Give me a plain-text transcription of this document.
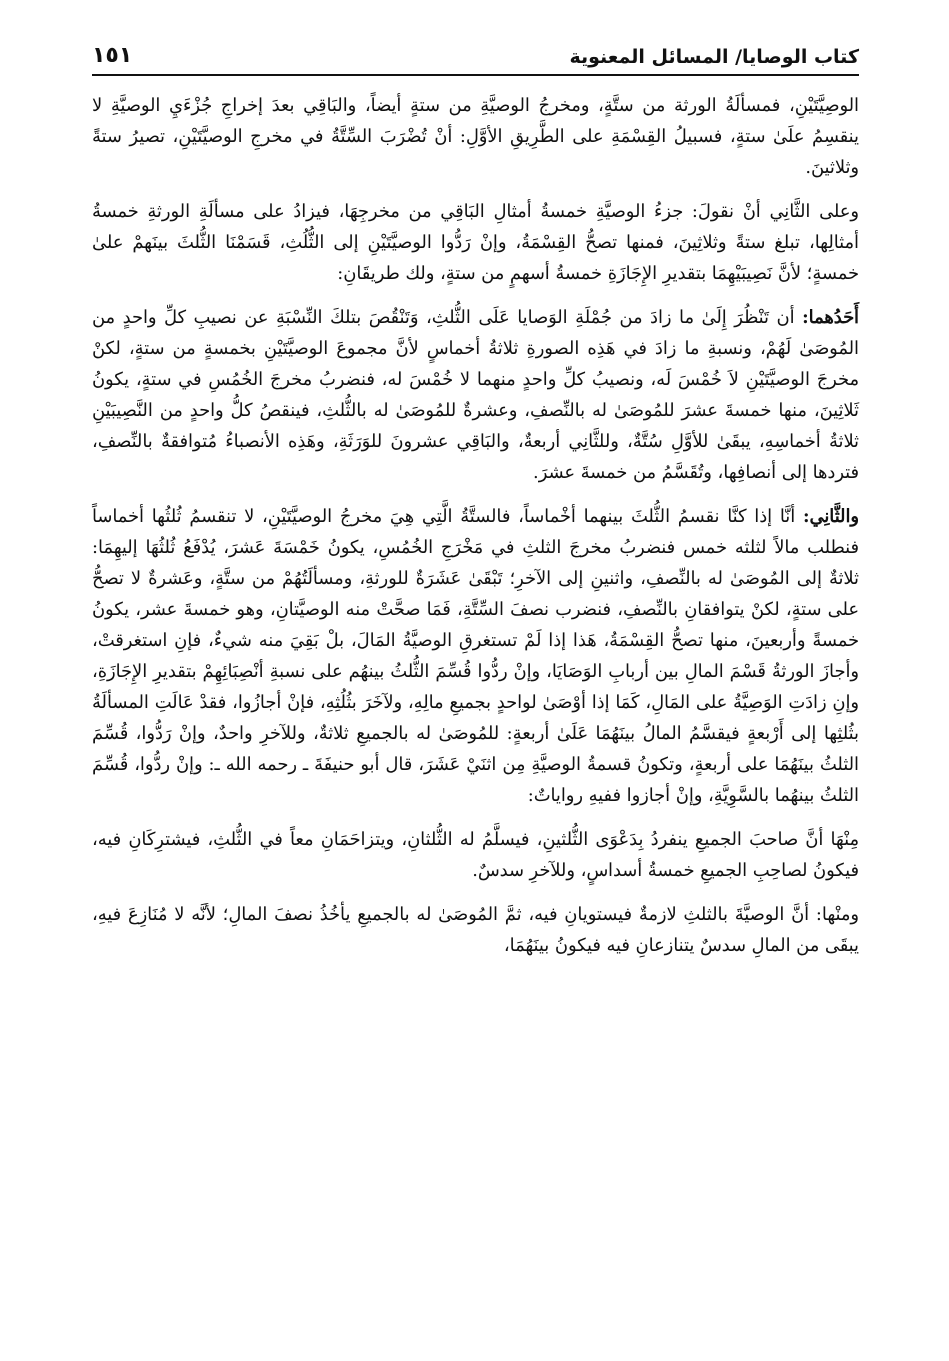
كتاب الوصايا/ المسائل المعنوية
١٥١

الوصِيَّتَيْنِ، فمسألَةُ الورثة من ستَّةٍ، ومخرجُ الوصيَّةِ من ستةٍ أيضاً، والبَاقِي بعدَ إخراجِ جُزْءَيِ الوصيَّةِ لا ينقسِمُ علَىٰ ستةٍ، فسبيلُ القِسْمَةِ على الطَّرِيقِ الأوَّلِ: أنْ تُضْرَبَ السِّتَّةُ في مخرجِ الوصيَّتَيْنِ، تصيرُ ستةً وثلاثينَ.

وعلى الثَّانِي أنْ نقولَ: جزءُ الوصيَّةِ خمسةُ أمثالِ البَاقِي من مخرجِهَا، فيزادُ على مسألَةِ الورثةِ خمسةُ أمثالِها، تبلغ ستةً وثلاثِينَ، فمنها تصحُّ القِسْمَةُ، وإنْ رَدُّوا الوصيَّتَيْنِ إلى الثُّلُثِ، قَسَمْنَا الثُّلثَ بينَهمْ علىٰ خمسةٍ؛ لأنَّ نَصِيبَيْهِمَا بتقديرِ الإِجَازَةِ خمسةُ أسهمٍ من ستةٍ، ولك طريقَانِ:

أَحَدُهما: أن تَنْظُرَ إِلَىٰ ما زادَ من جُمْلَةِ الوَصايا عَلَى الثُّلثِ، وَتَنْقُصَ بتلكَ النِّسْبَةِ عن نصيبِ كلِّ واحدٍ من المُوصَىٰ لَهُمْ، ونسبةِ ما زادَ في هَذِه الصورةِ ثلاثةُ أخماسٍ لأنَّ مجموعَ الوصيَّتَيْنِ بخمسةٍ من ستةٍ، لكنْ مخرجَ الوصيَّتَيْنِ لاَ خُمْسَ لَه، ونصيبُ كلِّ واحدٍ منهما لا خُمْسَ له، فنضربُ مخرجَ الخُمُسِ في ستةٍ، يكونُ ثَلاثِينَ، منها خمسةَ عشرَ للمُوصَىٰ له بالنِّصفِ، وعشرةٌ للمُوصَىٰ له بالثُّلثِ، فينقصُ كلُّ واحدٍ من النَّصِيبَيْنِ ثلاثةُ أخماسِهِ، يبقَىٰ للأوَّلِ سُتَّةٌ، وللثَّانِي أربعةٌ، والبَاقِي عشرونَ للوَرَثَةِ، وهَذِه الأنصباءُ مُتوافقةٌ بالنِّصفِ، فتردها إلى أنصافِها، وتُقَسَّمُ من خمسةَ عشرَ.

والثَّانِي: أنَّا إذا كنَّا نقسمُ الثُّلثَ بينهما أخْماساً، فالستَّةُ الَّتِي هِيَ مخرجُ الوصيَّتَيْنِ، لا تنقسمُ ثُلثُها أخماساً فنطلب مالاً لثلثه خمس فنضربُ مخرجَ الثلثِ في مَخْرَجِ الخُمُسِ، يكونُ خَمْسَةَ عَشرَ، يُدْفَعُ ثُلثُهَا إليهِمَا: ثلاثةٌ إلى المُوصَىٰ له بالنِّصفِ، واثنينِ إلى الآخرِ؛ تَبْقَىٰ عَشَرَةٌ للورثةِ، ومسألَتُهُمْ من ستَّةٍ، وعَشرةٌ لا تصحُّ على ستةٍ، لكنْ يتوافقانِ بالنِّصفِ، فنضرب نصفَ السِّتَّةِ، فَمَا صحَّتْ منه الوصيَّتانِ، وهو خمسةَ عشر، يكونُ خمسةً وأربعينَ، منها تصحُّ القِسْمَةُ، هَذا إذا لَمْ تستغرقِ الوصيَّةُ المَالَ، بلْ بَقِيَ منه شيءٌ، فإنِ استغرقتْ، وأجازَ الورثةُ قَسْمَ المالِ بين أربابِ الوَصَايَا، وإنْ ردُّوا قُسِّمَ الثُّلثُ بينهُم على نسبةِ أنْصِبَائِهِمْ بتقديرِ الإِجَازَةِ، وإنِ زادَتِ الوَصِيَّةُ على المَالِ، كَمَا إذا أوْصَىٰ لواحدٍ بجميعِ مالِهِ، ولآخَرَ بثُلُثِهِ، فإنْ أجازُوا، فقدْ عَالَتِ المسألَةُ بثُلثِها إلى أَرْبعةٍ فيقسَّمُ المالُ بينَهُمَا عَلَىٰ أربعةٍ: للمُوصَىٰ له بالجميعِ ثلاثةٌ، وللآخرِ واحدٌ، وإنْ رَدُّوا، قُسِّمَ الثلثُ بينَهُمَا على أربعةٍ، وتكونُ قسمةُ الوصيَّةِ مِن اثنَيْ عَشَرَ، قال أبو حنيفَةَ ـ رحمه الله ـ: وإنْ ردُّوا، قُسِّمَ الثلثُ بينهُما بالسَّوِيَّةِ، وإنْ أجازوا ففيهِ رواياتٌ:

مِنْهَا أنَّ صاحبَ الجميعِ ينفردُ بِدَعْوَى الثُّلثينِ، فيسلَّمُ له الثُّلثانِ، ويتزاحَمَانِ معاً في الثُّلثِ، فيشترِكَانِ فيه، فيكونُ لصاحِبِ الجميعِ خمسةُ أسداسٍ، وللآخرِ سدسٌ.

ومنْها: أنَّ الوصيَّةَ بالثلثِ لازمةٌ فيستويانِ فيه، ثمَّ المُوصَىٰ له بالجميعِ يأخُذُ نصفَ المالِ؛ لأنَّه لا مُنَازِعَ فيهِ، يبقَى من المالِ سدسٌ يتنازعانِ فيه فيكونُ بينَهُمَا،
